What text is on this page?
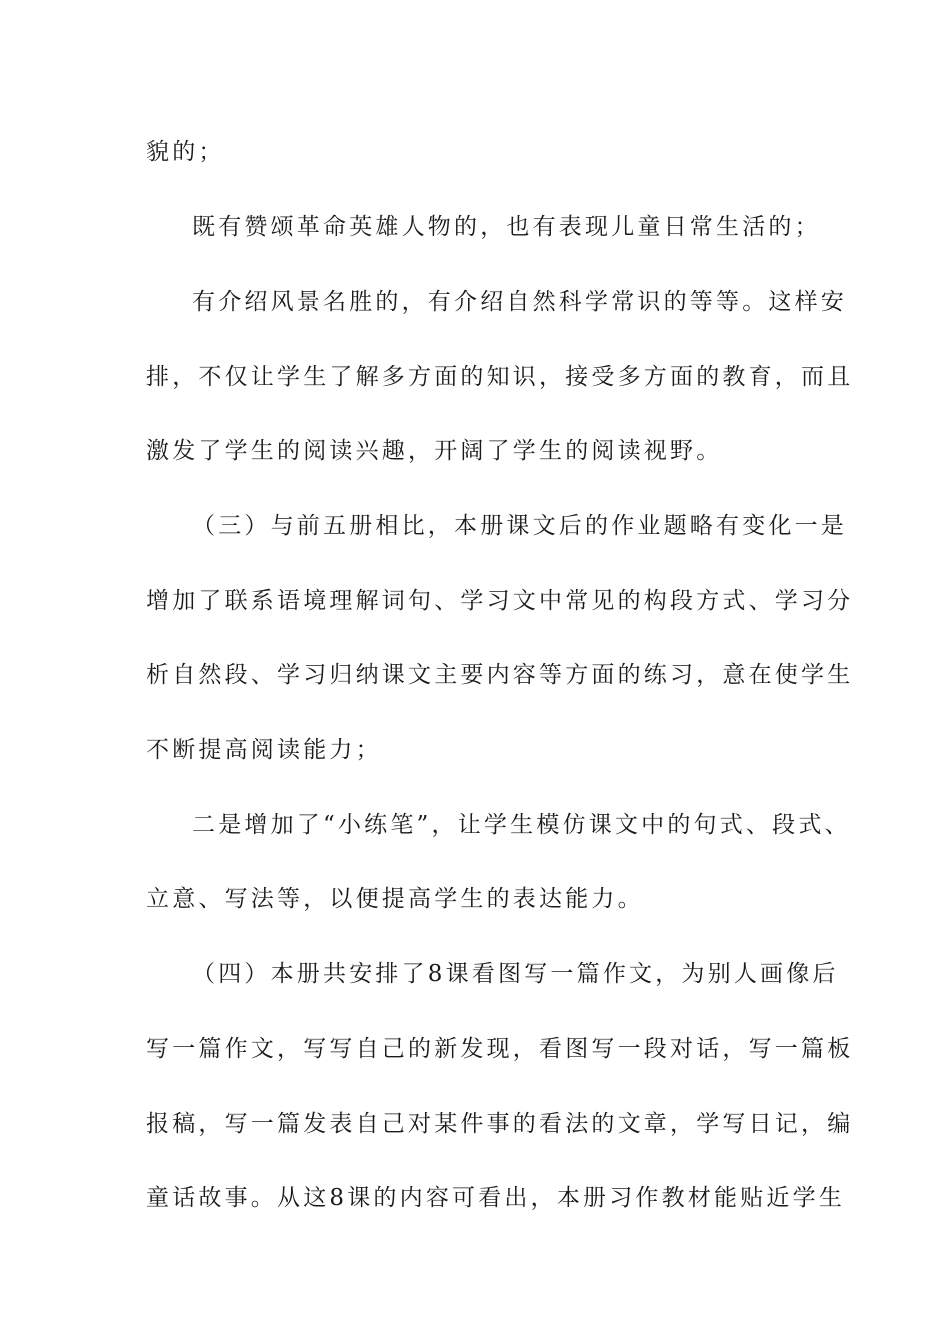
貌的；
既有赞颂革命英雄人物的，也有表现儿童日常生活的；
有介绍风景名胜的，有介绍自然科学常识的等等。这样安
排，不仅让学生了解多方面的知识，接受多方面的教育，而且
激发了学生的阅读兴趣，开阔了学生的阅读视野。
（三）与前五册相比，本册课文后的作业题略有变化一是
增加了联系语境理解词句、学习文中常见的构段方式、学习分
析自然段、学习归纳课文主要内容等方面的练习，意在使学生
不断提高阅读能力；
二是增加了“小练笔”，让学生模仿课文中的句式、段式、
立意、写法等，以便提高学生的表达能力。
（四）本册共安排了8课看图写一篇作文，为别人画像后
写一篇作文，写写自己的新发现，看图写一段对话，写一篇板
报稿，写一篇发表自己对某件事的看法的文章，学写日记，编
童话故事。从这8课的内容可看出，本册习作教材能贴近学生
